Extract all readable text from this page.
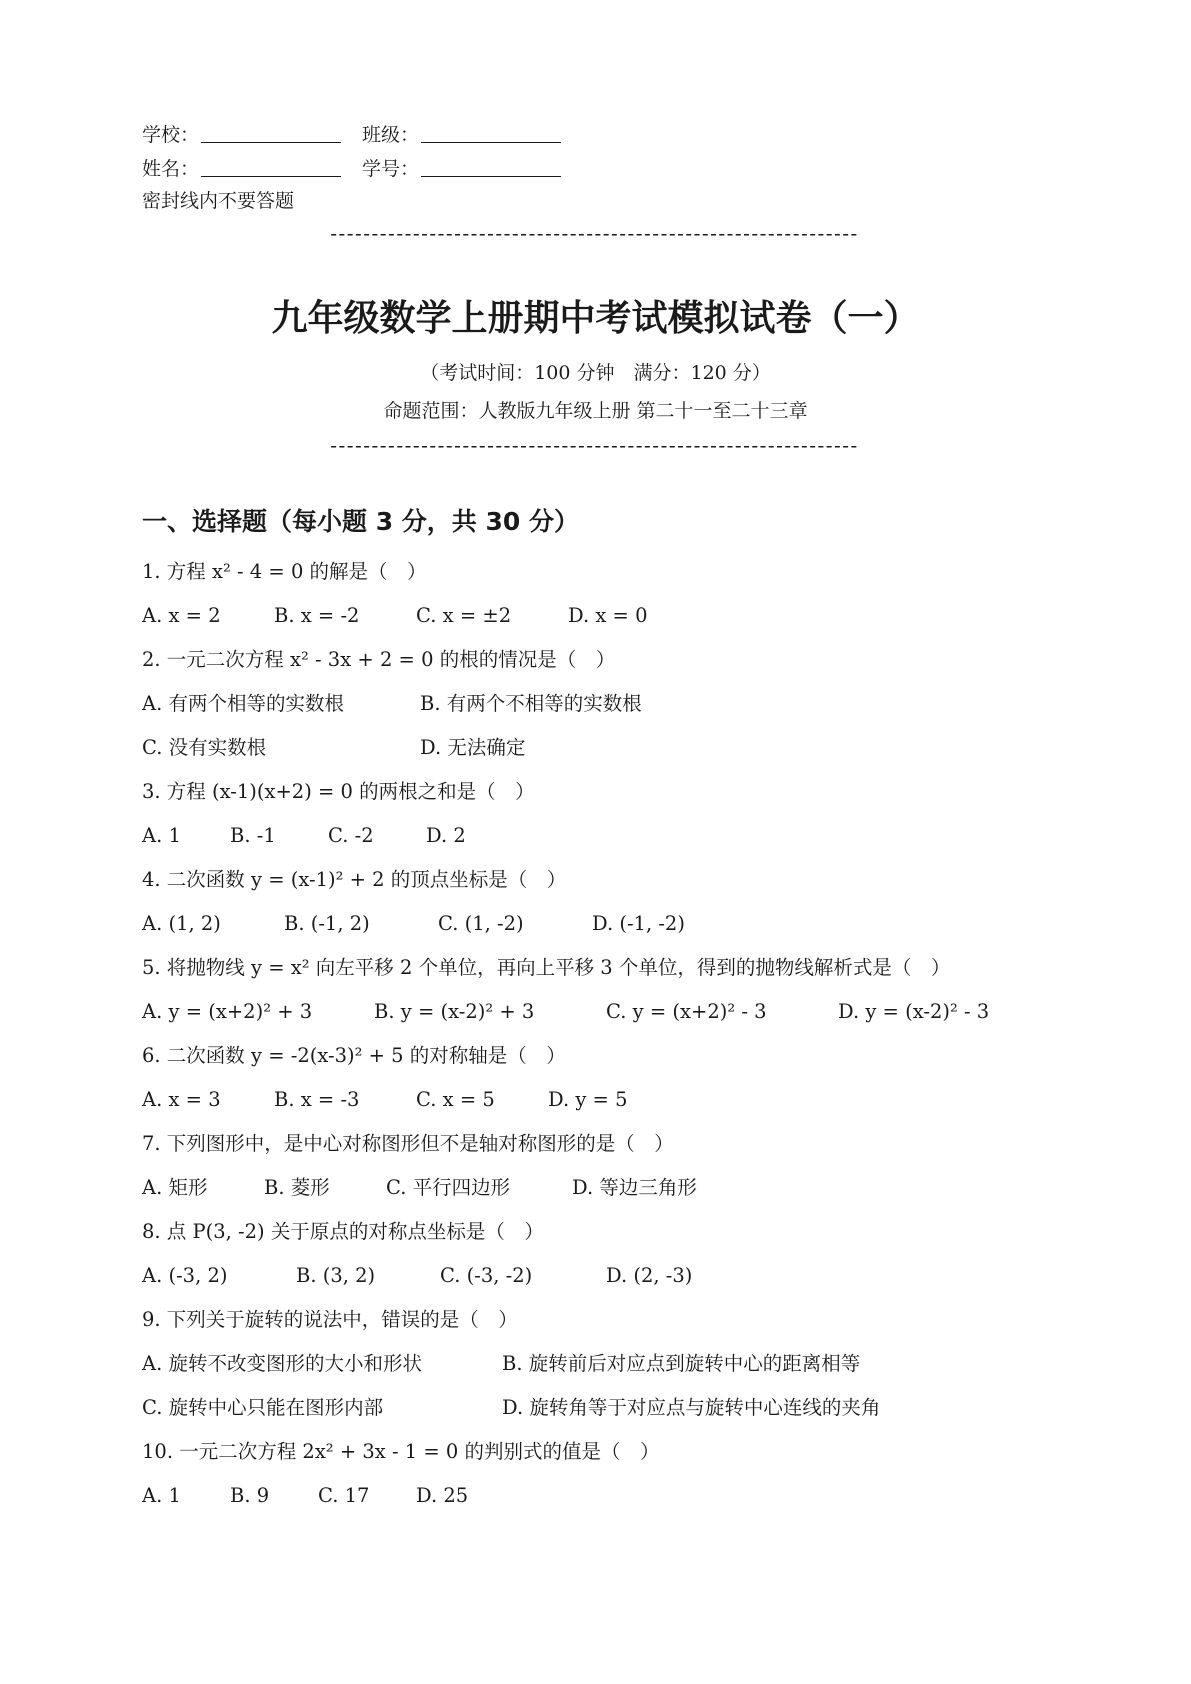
学校：	班级：
姓名：	学号：
密封线内不要答题
----------------------------------------------------------------
九年级数学上册期中考试模拟试卷（一）
（考试时间：100 分钟　满分：120 分）
命题范围：人教版九年级上册 第二十一至二十三章
----------------------------------------------------------------
一、选择题（每小题 3 分，共 30 分）
1. 方程 x² - 4 = 0 的解是（　）
A. x = 2	B. x = -2	C. x = ±2	D. x = 0
2. 一元二次方程 x² - 3x + 2 = 0 的根的情况是（　）
A. 有两个相等的实数根	B. 有两个不相等的实数根
C. 没有实数根	D. 无法确定
3. 方程 (x-1)(x+2) = 0 的两根之和是（　）
A. 1	B. -1	C. -2	D. 2
4. 二次函数 y = (x-1)² + 2 的顶点坐标是（　）
A. (1, 2)	B. (-1, 2)	C. (1, -2)	D. (-1, -2)
5. 将抛物线 y = x² 向左平移 2 个单位，再向上平移 3 个单位，得到的抛物线解析式是（　）
A. y = (x+2)² + 3	B. y = (x-2)² + 3	C. y = (x+2)² - 3	D. y = (x-2)² - 3
6. 二次函数 y = -2(x-3)² + 5 的对称轴是（　）
A. x = 3	B. x = -3	C. x = 5	D. y = 5
7. 下列图形中，是中心对称图形但不是轴对称图形的是（　）
A. 矩形	B. 菱形	C. 平行四边形	D. 等边三角形
8. 点 P(3, -2) 关于原点的对称点坐标是（　）
A. (-3, 2)	B. (3, 2)	C. (-3, -2)	D. (2, -3)
9. 下列关于旋转的说法中，错误的是（　）
A. 旋转不改变图形的大小和形状	B. 旋转前后对应点到旋转中心的距离相等
C. 旋转中心只能在图形内部	D. 旋转角等于对应点与旋转中心连线的夹角
10. 一元二次方程 2x² + 3x - 1 = 0 的判别式的值是（　）
A. 1	B. 9	C. 17	D. 25
